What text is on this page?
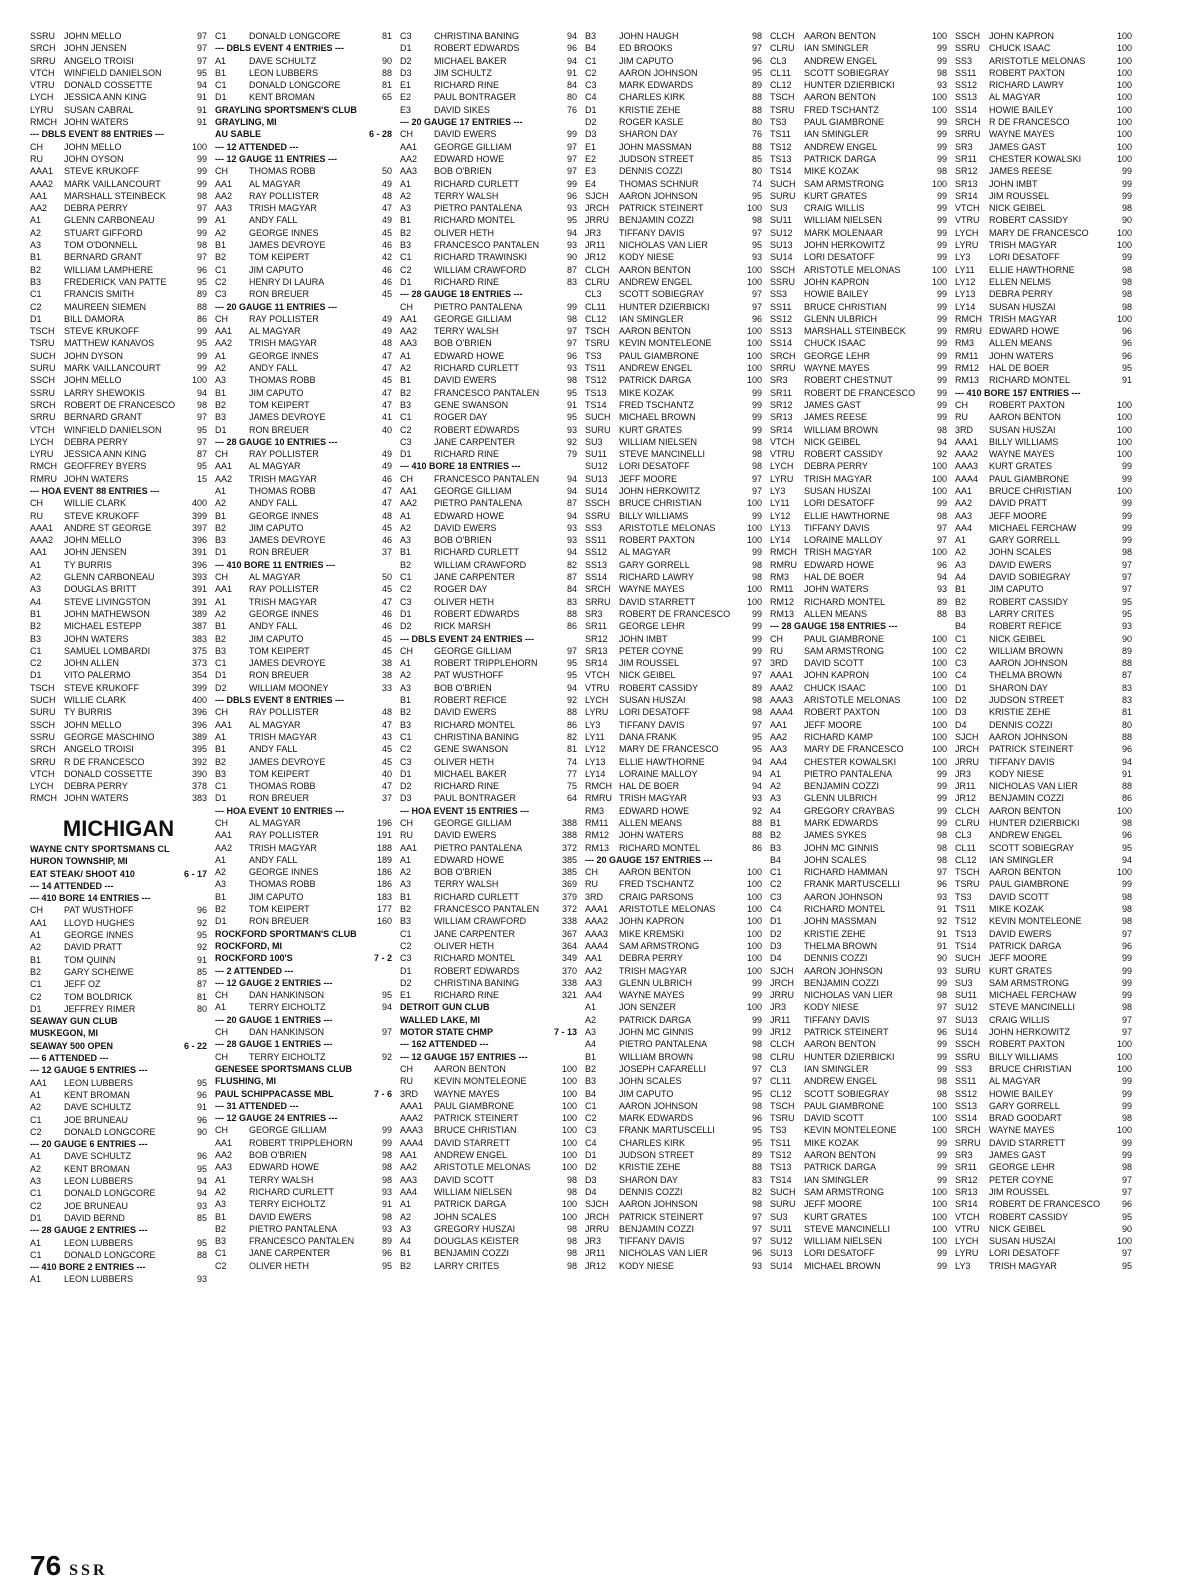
SSRU JOHN MELLO	97
SRCH JOHN JENSEN	97
SRRU ANGELO TROISI	97
VTCH	WINFIELD DANIELSON	95
VTRU	DONALD COSSETTE	94
LYCH	JESSICA ANN KING	91
LYRU	SUSAN CABRAL	91
RMCH JOHN WATERS	91
--- DBLS EVENT 88 ENTRIES ---
CH	JOHN MELLO	100
RU	JOHN OYSON	99
AAA1	STEVE KRUKOFF	99
AAA2	MARK VAILLANCOURT	99
AA1	MARSHALL STEINBECK	98
AA2	DEBRA PERRY	97
A1	GLENN CARBONEAU	99
A2	STUART GIFFORD	99
A3	TOM O'DONNELL	98
B1	BERNARD GRANT	97
B2	WILLIAM LAMPHERE	96
B3	FREDERICK VAN PATTE	95
C1	FRANCIS SMITH	89
C2	MAUREEN SIEMEN	88
D1	BILL DAMORA	86
TSCH	STEVE KRUKOFF	99
TSRU	MATTHEW KANAVOS	95
SUCH JOHN DYSON	99
SURU MARK VAILLANCOURT	99
SSCH JOHN MELLO	100
SSRU LARRY SHEWOKIS	94
SRCH ROBERT DE FRANCESCO	98
SRRU BERNARD GRANT	97
VTCH	WINFIELD DANIELSON	95
LYCH	DEBRA PERRY	97
LYRU	JESSICA ANN KING	87
RMCH GEOFFREY BYERS	95
RMRU JOHN WATERS	15
--- HOA EVENT 88 ENTRIES ---
CH	WILLIE CLARK	400
RU	STEVE KRUKOFF	399
AAA1	ANDRE ST GEORGE	397
AAA2	JOHN MELLO	396
AA1	JOHN JENSEN	391
A1	TY BURRIS	396
A2	GLENN CARBONEAU	393
A3	DOUGLAS BRITT	391
A4	STEVE LIVINGSTON	391
B1	JOHN MATHEWSON	389
B2	MICHAEL ESTEPP	387
B3	JOHN WATERS	383
C1	SAMUEL LOMBARDI	375
C2	JOHN ALLEN	373
D1	VITO PALERMO	354
TSCH	STEVE KRUKOFF	399
SUCH WILLIE CLARK	400
SURU TY BURRIS	396
SSCH JOHN MELLO	396
SSRU GEORGE MASCHINO	389
SRCH ANGELO TROISI	395
SRRU R DE FRANCESCO	392
VTCH	DONALD COSSETTE	390
LYCH	DEBRA PERRY	378
RMCH JOHN WATERS	383
MICHIGAN
WAYNE CNTY SPORTSMANS CL
HURON TOWNSHIP, MI
EAT STEAK/ SHOOT 410	6 - 17
--- 14 ATTENDED ---
--- 410 BORE 14 ENTRIES ---
CH	PAT WUSTHOFF	96
AA1	LLOYD HUGHES	92
A1	GEORGE INNES	95
A2	DAVID PRATT	92
B1	TOM QUINN	91
B2	GARY SCHEIWE	85
C1	JEFF OZ	87
C2	TOM BOLDRICK	81
D1	JEFFREY RIMER	80
SEAWAY GUN CLUB
MUSKEGON, MI
SEAWAY 500 OPEN	6 - 22
--- 6 ATTENDED ---
--- 12 GAUGE 5 ENTRIES ---
AA1	LEON LUBBERS	95
A1	KENT BROMAN	96
A2	DAVE SCHULTZ	91
C1	JOE BRUNEAU	96
C2	DONALD LONGCORE	90
--- 20 GAUGE 6 ENTRIES ---
A1	DAVE SCHULTZ	96
A2	KENT BROMAN	95
A3	LEON LUBBERS	94
C1	DONALD LONGCORE	94
C2	JOE BRUNEAU	93
D1	DAVID BERND	85
--- 28 GAUGE 2 ENTRIES ---
A1	LEON LUBBERS	95
C1	DONALD LONGCORE	88
--- 410 BORE 2 ENTRIES ---
A1	LEON LUBBERS	93
C1	DONALD LONGCORE	81
--- DBLS EVENT 4 ENTRIES ---
A1	DAVE SCHULTZ	90
B1	LEON LUBBERS	88
C1	DONALD LONGCORE	81
D1	KENT BROMAN	65
GRAYLING SPORTSMEN'S CLUB
GRAYLING, MI
AU SABLE	6 - 28
--- 12 ATTENDED ---
--- 12 GAUGE 11 ENTRIES ---
CH	THOMAS ROBB	50
AA1	AL MAGYAR	49
AA2	RAY POLLISTER	48
AA3	TRISH MAGYAR	47
A1	ANDY FALL	49
A2	GEORGE INNES	45
B1	JAMES DEVROYE	46
B2	TOM KEIPERT	42
C1	JIM CAPUTO	46
C2	HENRY DI LAURA	46
C3	RON BREUER	45
--- 20 GAUGE 11 ENTRIES ---
CH	RAY POLLISTER	49
AA1	AL MAGYAR	49
AA2	TRISH MAGYAR	48
A1	GEORGE INNES	47
A2	ANDY FALL	47
A3	THOMAS ROBB	45
B1	JIM CAPUTO	47
B2	TOM KEIPERT	47
B3	JAMES DEVROYE	41
D1	RON BREUER	40
--- 28 GAUGE 10 ENTRIES ---
CH	RAY POLLISTER	49
AA1	AL MAGYAR	49
AA2	TRISH MAGYAR	46
A1	THOMAS ROBB	47
A2	ANDY FALL	47
B1	GEORGE INNES	48
B2	JIM CAPUTO	45
B3	JAMES DEVROYE	46
D1	RON BREUER	37
--- 410 BORE 11 ENTRIES ---
CH	AL MAGYAR	50
AA1	RAY POLLISTER	45
A1	TRISH MAGYAR	47
A2	GEORGE INNES	46
B1	ANDY FALL	46
B2	JIM CAPUTO	45
B3	TOM KEIPERT	45
C1	JAMES DEVROYE	38
D1	RON BREUER	38
D2	WILLIAM MOONEY	33
--- DBLS EVENT 8 ENTRIES ---
CH	RAY POLLISTER	48
AA1	AL MAGYAR	47
A1	TRISH MAGYAR	43
B1	ANDY FALL	45
B2	JAMES DEVROYE	45
B3	TOM KEIPERT	40
C1	THOMAS ROBB	47
D1	RON BREUER	37
--- HOA EVENT 10 ENTRIES ---
CH	AL MAGYAR	196
AA1	RAY POLLISTER	191
AA2	TRISH MAGYAR	188
A1	ANDY FALL	189
A2	GEORGE INNES	186
A3	THOMAS ROBB	186
B1	JIM CAPUTO	183
B2	TOM KEIPERT	177
D1	RON BREUER	160
ROCKFORD SPORTMAN'S CLUB
ROCKFORD, MI
ROCKFORD 100'S	7 - 2
--- 2 ATTENDED ---
--- 12 GAUGE 2 ENTRIES ---
CH	DAN HANKINSON	95
A1	TERRY EICHOLTZ	94
--- 20 GAUGE 1 ENTRIES ---
CH	DAN HANKINSON	97
--- 28 GAUGE 1 ENTRIES ---
CH	TERRY EICHOLTZ	92
GENESEE SPORTSMANS CLUB
FLUSHING, MI
PAUL SCHIPPACASSE MBL	7 - 6
--- 31 ATTENDED ---
--- 12 GAUGE 24 ENTRIES ---
CH	GEORGE GILLIAM	99
AA1	ROBERT TRIPPLEHORN	99
AA2	BOB O'BRIEN	98
AA3	EDWARD HOWE	98
A1	TERRY WALSH	98
A2	RICHARD CURLETT	93
A3	TERRY EICHOLTZ	91
B1	DAVID EWERS	98
B2	PIETRO PANTALENA	93
B3	FRANCESCO PANTALEN	89
C1	JANE CARPENTER	96
C2	OLIVER HETH	95
C3	CHRISTINA BANING	94
D1	ROBERT EDWARDS	96
D2	MICHAEL BAKER	94
D3	JIM SCHULTZ	91
E1	RICHARD RINE	84
E2	PAUL BONTRAGER	80
E3	DAVID SIKES	76
--- 20 GAUGE 17 ENTRIES ---
CH	DAVID EWERS	99
AA1	GEORGE GILLIAM	97
AA2	EDWARD HOWE	97
AA3	BOB O'BRIEN	97
A1	RICHARD CURLETT	99
A2	TERRY WALSH	96
A3	PIETRO PANTALENA	93
B1	RICHARD MONTEL	95
B2	OLIVER HETH	94
B3	FRANCESCO PANTALEN	93
C1	RICHARD TRAWINSKI	90
C2	WILLIAM CRAWFORD	87
D1	RICHARD RINE	83
--- 28 GAUGE 18 ENTRIES ---
CH	PIETRO PANTALENA	99
AA1	GEORGE GILLIAM	98
AA2	TERRY WALSH	97
AA3	BOB O'BRIEN	97
A1	EDWARD HOWE	96
A2	RICHARD CURLETT	93
B1	DAVID EWERS	98
B2	FRANCESCO PANTALEN	95
B3	GENE SWANSON	91
C1	ROGER DAY	95
C2	ROBERT EDWARDS	93
C3	JANE CARPENTER	92
D1	RICHARD RINE	79
--- 410 BORE 18 ENTRIES ---
CH	FRANCESCO PANTALEN	94
AA1	GEORGE GILLIAM	94
AA2	PIETRO PANTALENA	87
A1	EDWARD HOWE	94
A2	DAVID EWERS	93
A3	BOB O'BRIEN	93
B1	RICHARD CURLETT	94
B2	WILLIAM CRAWFORD	82
C1	JANE CARPENTER	87
C2	ROGER DAY	84
C3	OLIVER HETH	83
D1	ROBERT EDWARDS	88
D2	RICK MARSH	86
--- DBLS EVENT 24 ENTRIES ---
CH	GEORGE GILLIAM	97
A1	ROBERT TRIPPLEHORN	95
A2	PAT WUSTHOFF	95
A3	BOB O'BRIEN	94
B1	ROBERT REFICE	92
B2	DAVID EWERS	88
B3	RICHARD MONTEL	86
C1	CHRISTINA BANING	82
C2	GENE SWANSON	81
C3	OLIVER HETH	74
D1	MICHAEL BAKER	77
D2	RICHARD RINE	75
D3	PAUL BONTRAGER	64
--- HOA EVENT 15 ENTRIES ---
CH	GEORGE GILLIAM	388
RU	DAVID EWERS	388
AA1	PIETRO PANTALENA	372
A1	EDWARD HOWE	385
A2	BOB O'BRIEN	385
A3	TERRY WALSH	369
B1	RICHARD CURLETT	379
B2	FRANCESCO PANTALEN	372
B3	WILLIAM CRAWFORD	338
C1	JANE CARPENTER	367
C2	OLIVER HETH	364
C3	RICHARD MONTEL	349
D1	ROBERT EDWARDS	370
D2	CHRISTINA BANING	338
E1	RICHARD RINE	321
DETROIT GUN CLUB
WALLED LAKE, MI
MOTOR STATE CHMP	7 - 13
--- 162 ATTENDED ---
--- 12 GAUGE 157 ENTRIES ---
CH	AARON BENTON	100
RU	KEVIN MONTELEONE	100
3RD	WAYNE MAYES	100
AAA1	PAUL GIAMBRONE	100
AAA2	PATRICK STEINERT	100
AAA3	BRUCE CHRISTIAN	100
AAA4	DAVID STARRETT	100
AA1	ANDREW ENGEL	100
AA2	ARISTOTLE MELONAS	100
AA3	DAVID SCOTT	98
AA4	WILLIAM NIELSEN	98
A1	PATRICK DARGA	100
A2	JOHN SCALES	100
A3	GREGORY HUSZAI	98
A4	DOUGLAS KEISTER	98
B1	BENJAMIN COZZI	98
B2	LARRY CRITES	98
B3	JOHN HAUGH	98
B4	ED BROOKS	97
C1	JIM CAPUTO	96
C2	AARON JOHNSON	95
C3	MARK EDWARDS	89
C4	CHARLES KIRK	88
D1	KRISTIE ZEHE	88
D2	ROGER KASLE	80
D3	SHARON DAY	76
E1	JOHN MASSMAN	88
E2	JUDSON STREET	85
E3	DENNIS COZZI	80
E4	THOMAS SCHNUR	74
SJCH	AARON JOHNSON	95
JRCH	PATRICK STEINERT	100
JRRU	BENJAMIN COZZI	98
JR3	TIFFANY DAVIS	97
JR11	NICHOLAS VAN LIER	95
JR12	KODY NIESE	93
CLCH	AARON BENTON	100
CLRU	ANDREW ENGEL	100
CL3	SCOTT SOBIEGRAY	97
CL11	HUNTER DZIERBICKI	97
CL12	IAN SMINGLER	96
TSCH	AARON BENTON	100
TSRU	KEVIN MONTELEONE	100
TS3	PAUL GIAMBRONE	100
TS11	ANDREW ENGEL	100
TS12	PATRICK DARGA	100
TS13	MIKE KOZAK	99
TS14	FRED TSCHANTZ	99
SUCH MICHAEL BROWN	99
SURU KURT GRATES	99
SU3	WILLIAM NIELSEN	98
SU11	STEVE MANCINELLI	98
SU12	LORI DESATOFF	98
SU13	JEFF MOORE	97
SU14	JOHN HERKOWITZ	97
SSCH BRUCE CHRISTIAN	100
SSRU BILLY WILLIAMS	99
SS3	ARISTOTLE MELONAS	100
SS11	ROBERT PAXTON	100
SS12	AL MAGYAR	99
SS13	GARY GORRELL	98
SS14	RICHARD LAWRY	98
SRCH WAYNE MAYES	100
SRRU DAVID STARRETT	100
SR3	ROBERT DE FRANCESCO	99
SR11	GEORGE LEHR	99
SR12	JOHN IMBT	99
SR13	PETER COYNE	99
SR14	JIM ROUSSEL	97
VTCH	NICK GEIBEL	97
VTRU	ROBERT CASSIDY	89
LYCH	SUSAN HUSZAI	98
LYRU	LORI DESATOFF	98
LY3	TIFFANY DAVIS	97
LY11	DANA FRANK	95
LY12	MARY DE FRANCESCO	95
LY13	ELLIE HAWTHORNE	94
LY14	LORAINE MALLOY	94
RMCH HAL DE BOER	94
RMRU TRISH MAGYAR	93
RM3	EDWARD HOWE	92
RM11	ALLEN MEANS	88
RM12	JOHN WATERS	88
RM13	RICHARD MONTEL	86
--- 20 GAUGE 157 ENTRIES ---
CH	AARON BENTON	100
RU	FRED TSCHANTZ	100
3RD	CRAIG PARSONS	100
AAA1	ARISTOTLE MELONAS	100
AAA2	JOHN KAPRON	100
AAA3	MIKE KREMSKI	100
AAA4	SAM ARMSTRONG	100
AA1	DEBRA PERRY	100
AA2	TRISH MAGYAR	100
AA3	GLENN ULBRICH	99
AA4	WAYNE MAYES	99
A1	JON SENZER	100
A2	PATRICK DARGA	99
A3	JOHN MC GINNIS	99
A4	PIETRO PANTALENA	98
B1	WILLIAM BROWN	98
B2	JOSEPH CAFARELLI	97
B3	JOHN SCALES	97
B4	JIM CAPUTO	95
C1	AARON JOHNSON	98
C2	MARK EDWARDS	96
C3	FRANK MARTUSCELLI	95
C4	CHARLES KIRK	95
D1	JUDSON STREET	89
D2	KRISTIE ZEHE	88
D3	SHARON DAY	83
D4	DENNIS COZZI	82
SJCH	AARON JOHNSON	98
JRCH	PATRICK STEINERT	97
JRRU	BENJAMIN COZZI	97
JR3	TIFFANY DAVIS	97
JR11	NICHOLAS VAN LIER	96
JR12	KODY NIESE	93
CLCH	AARON BENTON	100
CLRU	IAN SMINGLER	99
CL3	ANDREW ENGEL	99
CL11	SCOTT SOBIEGRAY	98
CL12	HUNTER DZIERBICKI	93
TSCH	AARON BENTON	100
TSRU	FRED TSCHANTZ	100
TS3	PAUL GIAMBRONE	99
TS11	IAN SMINGLER	99
TS12	ANDREW ENGEL	99
TS13	PATRICK DARGA	99
TS14	MIKE KOZAK	98
SUCH SAM ARMSTRONG	100
SURU KURT GRATES	99
SU3	CRAIG WILLIS	99
SU11	WILLIAM NIELSEN	99
SU12	MARK MOLENAAR	99
SU13	JOHN HERKOWITZ	99
SU14	LORI DESATOFF	99
SSCH ARISTOTLE MELONAS	100
SSRU JOHN KAPRON	100
SS3	HOWIE BAILEY	99
SS11	BRUCE CHRISTIAN	99
SS12	GLENN ULBRICH	99
SS13	MARSHALL STEINBECK	99
SS14	CHUCK ISAAC	99
SRCH GEORGE LEHR	99
SRRU WAYNE MAYES	99
SR3	ROBERT CHESTNUT	99
SR11	ROBERT DE FRANCESCO	99
SR12	JAMES GAST	99
SR13	JAMES REESE	99
SR14	WILLIAM BROWN	98
VTCH	NICK GEIBEL	94
VTRU	ROBERT CASSIDY	92
LYCH	DEBRA PERRY	100
LYRU	TRISH MAGYAR	100
LY3	SUSAN HUSZAI	100
LY11	LORI DESATOFF	99
LY12	ELLIE HAWTHORNE	98
LY13	TIFFANY DAVIS	97
LY14	LORAINE MALLOY	97
RMCH TRISH MAGYAR	100
RMRU EDWARD HOWE	96
RM3	HAL DE BOER	94
RM11	JOHN WATERS	93
RM12	RICHARD MONTEL	89
RM13	ALLEN MEANS	88
--- 28 GAUGE 158 ENTRIES ---
CH	PAUL GIAMBRONE	100
RU	SAM ARMSTRONG	100
3RD	DAVID SCOTT	100
AAA1	JOHN KAPRON	100
AAA2	CHUCK ISAAC	100
AAA3	ARISTOTLE MELONAS	100
AAA4	ROBERT PAXTON	100
AA1	JEFF MOORE	100
AA2	RICHARD KAMP	100
AA3	MARY DE FRANCESCO	100
AA4	CHESTER KOWALSKI	100
A1	PIETRO PANTALENA	99
A2	BENJAMIN COZZI	99
A3	GLENN ULBRICH	99
A4	GREGORY CRAYBAS	99
B1	MARK EDWARDS	99
B2	JAMES SYKES	98
B3	JOHN MC GINNIS	98
B4	JOHN SCALES	98
C1	RICHARD HAMMAN	97
C2	FRANK MARTUSCELLI	96
C3	AARON JOHNSON	93
C4	RICHARD MONTEL	91
D1	JOHN MASSMAN	92
D2	KRISTIE ZEHE	91
D3	THELMA BROWN	91
D4	DENNIS COZZI	90
SJCH	AARON JOHNSON	93
JRCH	BENJAMIN COZZI	99
JRRU	NICHOLAS VAN LIER	98
JR3	KODY NIESE	97
JR11	TIFFANY DAVIS	97
JR12	PATRICK STEINERT	96
CLCH	AARON BENTON	99
CLRU	HUNTER DZIERBICKI	99
CL3	IAN SMINGLER	99
CL11	ANDREW ENGEL	98
CL12	SCOTT SOBIEGRAY	98
TSCH	PAUL GIAMBRONE	100
TSRU	DAVID SCOTT	100
TS3	KEVIN MONTELEONE	100
TS11	MIKE KOZAK	99
TS12	AARON BENTON	99
TS13	PATRICK DARGA	99
TS14	IAN SMINGLER	99
SUCH SAM ARMSTRONG	100
SURU JEFF MOORE	100
SU3	KURT GRATES	100
SU11	STEVE MANCINELLI	100
SU12	WILLIAM NIELSEN	100
SU13	LORI DESATOFF	99
SU14	MICHAEL BROWN	99
SSCH JOHN KAPRON	100
SSRU CHUCK ISAAC	100
SS3	ARISTOTLE MELONAS	100
SS11	ROBERT PAXTON	100
SS12	RICHARD LAWRY	100
SS13	AL MAGYAR	100
SS14	HOWIE BAILEY	100
SRCH R DE FRANCESCO	100
SRRU WAYNE MAYES	100
SR3	JAMES GAST	100
SR11	CHESTER KOWALSKI	100
SR12	JAMES REESE	99
SR13	JOHN IMBT	99
SR14	JIM ROUSSEL	99
VTCH	NICK GEIBEL	98
VTRU	ROBERT CASSIDY	90
LYCH	MARY DE FRANCESCO	100
LYRU	TRISH MAGYAR	100
LY3	LORI DESATOFF	99
LY11	ELLIE HAWTHORNE	98
LY12	ELLEN NELMS	98
LY13	DEBRA PERRY	98
LY14	SUSAN HUSZAI	98
RMCH TRISH MAGYAR	100
RMRU EDWARD HOWE	96
RM3	ALLEN MEANS	96
RM11	JOHN WATERS	96
RM12	HAL DE BOER	95
RM13	RICHARD MONTEL	91
--- 410 BORE 157 ENTRIES ---
CH	ROBERT PAXTON	100
RU	AARON BENTON	100
3RD	SUSAN HUSZAI	100
AAA1	BILLY WILLIAMS	100
AAA2	WAYNE MAYES	100
AAA3	KURT GRATES	99
AAA4	PAUL GIAMBRONE	99
AA1	BRUCE CHRISTIAN	100
AA2	DAVID PRATT	99
AA3	JEFF MOORE	99
AA4	MICHAEL FERCHAW	99
A1	GARY GORRELL	99
A2	JOHN SCALES	98
A3	DAVID EWERS	97
A4	DAVID SOBIEGRAY	97
B1	JIM CAPUTO	97
B2	ROBERT CASSIDY	95
B3	LARRY CRITES	95
B4	ROBERT REFICE	93
C1	NICK GEIBEL	90
C2	WILLIAM BROWN	89
C3	AARON JOHNSON	88
C4	THELMA BROWN	87
D1	SHARON DAY	83
D2	JUDSON STREET	83
D3	KRISTIE ZEHE	81
D4	DENNIS COZZI	80
SJCH	AARON JOHNSON	88
JRCH	PATRICK STEINERT	96
JRRU	TIFFANY DAVIS	94
JR3	KODY NIESE	91
JR11	NICHOLAS VAN LIER	88
JR12	BENJAMIN COZZI	86
CLCH	AARON BENTON	100
CLRU	HUNTER DZIERBICKI	98
CL3	ANDREW ENGEL	96
CL11	SCOTT SOBIEGRAY	95
CL12	IAN SMINGLER	94
TSCH	AARON BENTON	100
TSRU	PAUL GIAMBRONE	99
TS3	DAVID SCOTT	98
TS11	MIKE KOZAK	98
TS12	KEVIN MONTELEONE	98
TS13	DAVID EWERS	97
TS14	PATRICK DARGA	96
SUCH JEFF MOORE	99
SURU KURT GRATES	99
SU3	SAM ARMSTRONG	99
SU11	MICHAEL FERCHAW	99
SU12	STEVE MANCINELLI	98
SU13	CRAIG WILLIS	97
SU14	JOHN HERKOWITZ	97
SSCH ROBERT PAXTON	100
SSRU BILLY WILLIAMS	100
SS3	BRUCE CHRISTIAN	100
SS11	AL MAGYAR	99
SS12	HOWIE BAILEY	99
SS13	GARY GORRELL	99
SS14	BRAD GOODART	98
SRCH WAYNE MAYES	100
SRRU DAVID STARRETT	99
SR3	JAMES GAST	99
SR11	GEORGE LEHR	98
SR12	PETER COYNE	97
SR13	JIM ROUSSEL	97
SR14	ROBERT DE FRANCESCO	96
VTCH	ROBERT CASSIDY	95
VTRU	NICK GEIBEL	90
LYCH	SUSAN HUSZAI	100
LYRU	LORI DESATOFF	97
LY3	TRISH MAGYAR	95
76 SSR
